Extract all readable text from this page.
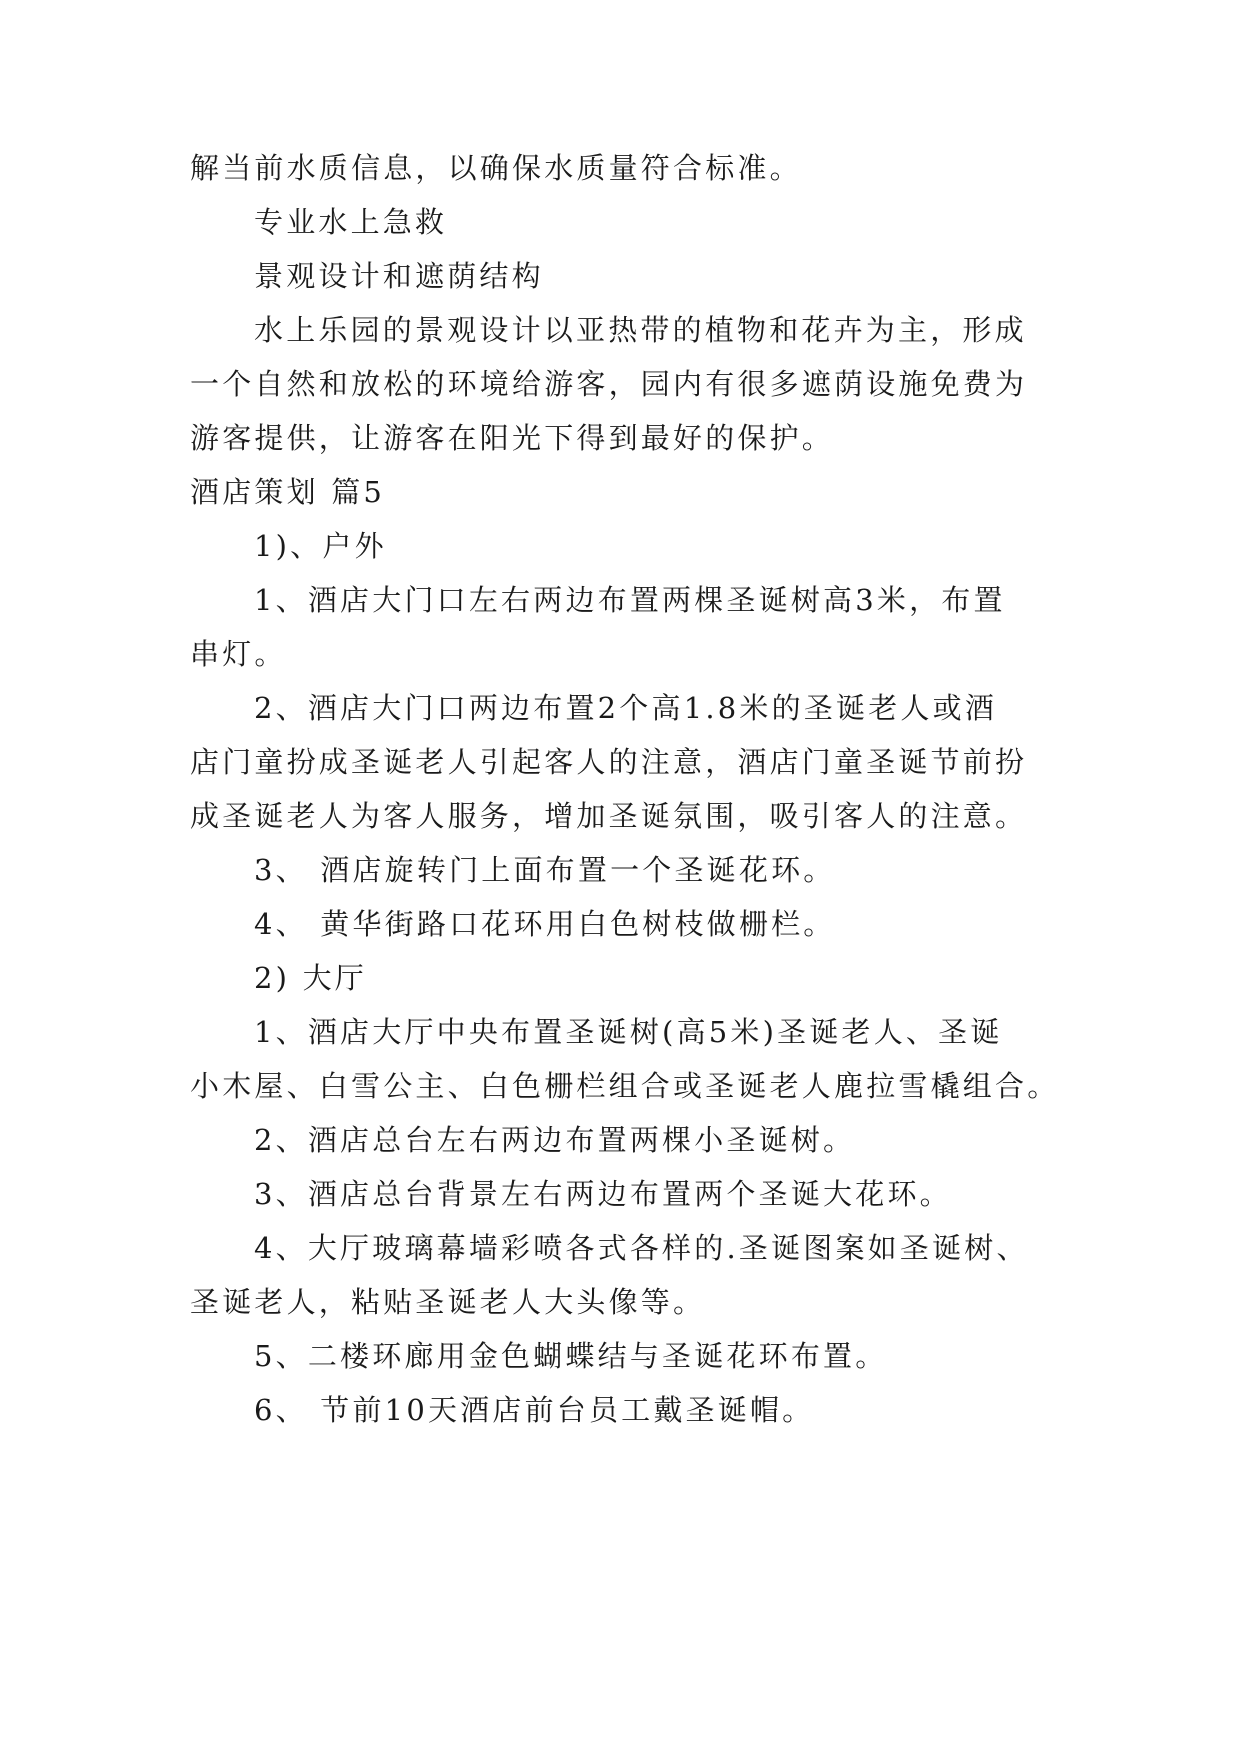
解当前水质信息，以确保水质量符合标准。

专业水上急救

景观设计和遮荫结构

水上乐园的景观设计以亚热带的植物和花卉为主，形成

一个自然和放松的环境给游客，园内有很多遮荫设施免费为

游客提供，让游客在阳光下得到最好的保护。

酒店策划 篇5

1)、户外

1、酒店大门口左右两边布置两棵圣诞树高3米，布置

串灯。

2、酒店大门口两边布置2个高1.8米的圣诞老人或酒

店门童扮成圣诞老人引起客人的注意，酒店门童圣诞节前扮

成圣诞老人为客人服务，增加圣诞氛围，吸引客人的注意。

3、 酒店旋转门上面布置一个圣诞花环。

4、 黄华街路口花环用白色树枝做栅栏。

2) 大厅

1、酒店大厅中央布置圣诞树(高5米)圣诞老人、圣诞

小木屋、白雪公主、白色栅栏组合或圣诞老人鹿拉雪橇组合。

2、酒店总台左右两边布置两棵小圣诞树。

3、酒店总台背景左右两边布置两个圣诞大花环。

4、大厅玻璃幕墙彩喷各式各样的.圣诞图案如圣诞树、

圣诞老人，粘贴圣诞老人大头像等。

5、二楼环廊用金色蝴蝶结与圣诞花环布置。

6、 节前10天酒店前台员工戴圣诞帽。
